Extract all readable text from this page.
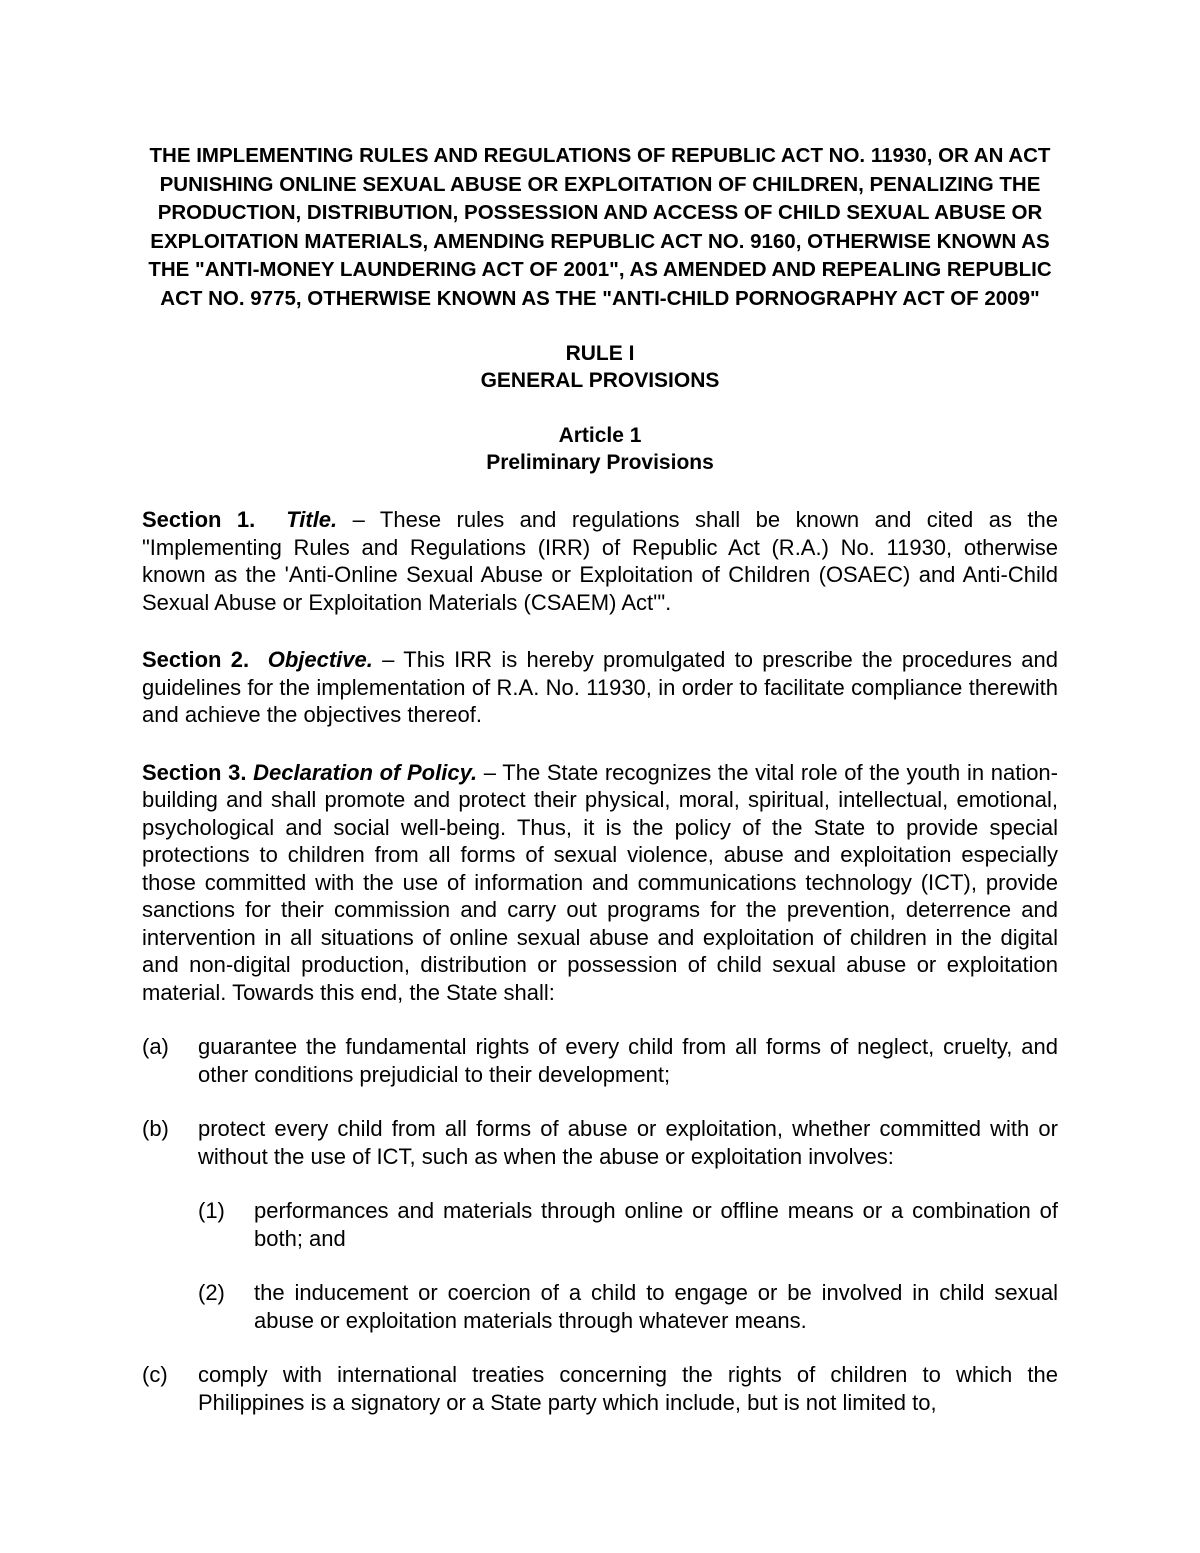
THE IMPLEMENTING RULES AND REGULATIONS OF REPUBLIC ACT NO. 11930, OR AN ACT PUNISHING ONLINE SEXUAL ABUSE OR EXPLOITATION OF CHILDREN, PENALIZING THE PRODUCTION, DISTRIBUTION, POSSESSION AND ACCESS OF CHILD SEXUAL ABUSE OR EXPLOITATION MATERIALS, AMENDING REPUBLIC ACT NO. 9160, OTHERWISE KNOWN AS THE "ANTI-MONEY LAUNDERING ACT OF 2001", AS AMENDED AND REPEALING REPUBLIC ACT NO. 9775, OTHERWISE KNOWN AS THE "ANTI-CHILD PORNOGRAPHY ACT OF 2009"

RULE I
GENERAL PROVISIONS
Article 1
Preliminary Provisions

Section 1. Title. – These rules and regulations shall be known and cited as the "Implementing Rules and Regulations (IRR) of Republic Act (R.A.) No. 11930, otherwise known as the 'Anti-Online Sexual Abuse or Exploitation of Children (OSAEC) and Anti-Child Sexual Abuse or Exploitation Materials (CSAEM) Act'".

Section 2. Objective. – This IRR is hereby promulgated to prescribe the procedures and guidelines for the implementation of R.A. No. 11930, in order to facilitate compliance therewith and achieve the objectives thereof.

Section 3. Declaration of Policy. – The State recognizes the vital role of the youth in nation-building and shall promote and protect their physical, moral, spiritual, intellectual, emotional, psychological and social well-being. Thus, it is the policy of the State to provide special protections to children from all forms of sexual violence, abuse and exploitation especially those committed with the use of information and communications technology (ICT), provide sanctions for their commission and carry out programs for the prevention, deterrence and intervention in all situations of online sexual abuse and exploitation of children in the digital and non-digital production, distribution or possession of child sexual abuse or exploitation material. Towards this end, the State shall:

(a)	guarantee the fundamental rights of every child from all forms of neglect, cruelty, and other conditions prejudicial to their development;
(b)	protect every child from all forms of abuse or exploitation, whether committed with or without the use of ICT, such as when the abuse or exploitation involves:
(1)	performances and materials through online or offline means or a combination of both; and
(2)	the inducement or coercion of a child to engage or be involved in child sexual abuse or exploitation materials through whatever means.
(c)	comply with international treaties concerning the rights of children to which the Philippines is a signatory or a State party which include, but is not limited to,
